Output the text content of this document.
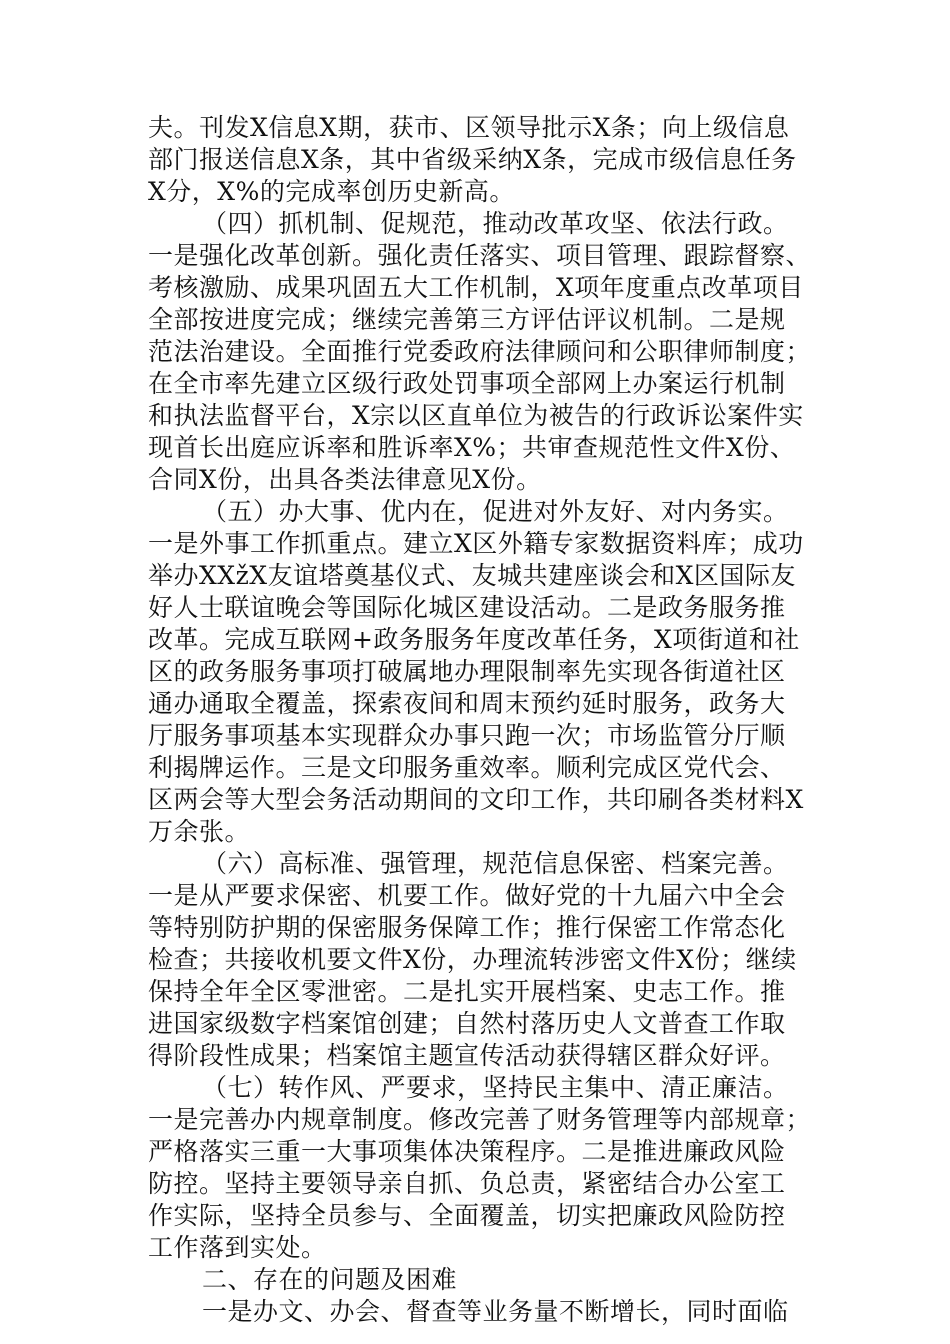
夫。刊发X信息X期，获市、区领导批示X条；向上级信息
部门报送信息X条，其中省级采纳X条，完成市级信息任务
X分，X%的完成率创历史新高。
（四）抓机制、促规范，推动改革攻坚、依法行政。
一是强化改革创新。强化责任落实、项目管理、跟踪督察、
考核激励、成果巩固五大工作机制，X项年度重点改革项目
全部按进度完成；继续完善第三方评估评议机制。二是规
范法治建设。全面推行党委政府法律顾问和公职律师制度；
在全市率先建立区级行政处罚事项全部网上办案运行机制
和执法监督平台，X宗以区直单位为被告的行政诉讼案件实
现首长出庭应诉率和胜诉率X%；共审查规范性文件X份、
合同X份，出具各类法律意见X份。
（五）办大事、优内在，促进对外友好、对内务实。
一是外事工作抓重点。建立X区外籍专家数据资料库；成功
举办XXžX友谊塔奠基仪式、友城共建座谈会和X区国际友
好人士联谊晚会等国际化城区建设活动。二是政务服务推
改革。完成互联网+政务服务年度改革任务，X项街道和社
区的政务服务事项打破属地办理限制率先实现各街道社区
通办通取全覆盖，探索夜间和周末预约延时服务，政务大
厅服务事项基本实现群众办事只跑一次；市场监管分厅顺
利揭牌运作。三是文印服务重效率。顺利完成区党代会、
区两会等大型会务活动期间的文印工作，共印刷各类材料X
万余张。
（六）高标准、强管理，规范信息保密、档案完善。
一是从严要求保密、机要工作。做好党的十九届六中全会
等特别防护期的保密服务保障工作；推行保密工作常态化
检查；共接收机要文件X份，办理流转涉密文件X份；继续
保持全年全区零泄密。二是扎实开展档案、史志工作。推
进国家级数字档案馆创建；自然村落历史人文普查工作取
得阶段性成果；档案馆主题宣传活动获得辖区群众好评。
（七）转作风、严要求，坚持民主集中、清正廉洁。
一是完善办内规章制度。修改完善了财务管理等内部规章；
严格落实三重一大事项集体决策程序。二是推进廉政风险
防控。坚持主要领导亲自抓、负总责，紧密结合办公室工
作实际，坚持全员参与、全面覆盖，切实把廉政风险防控
工作落到实处。
二、存在的问题及困难
一是办文、办会、督查等业务量不断增长，同时面临
